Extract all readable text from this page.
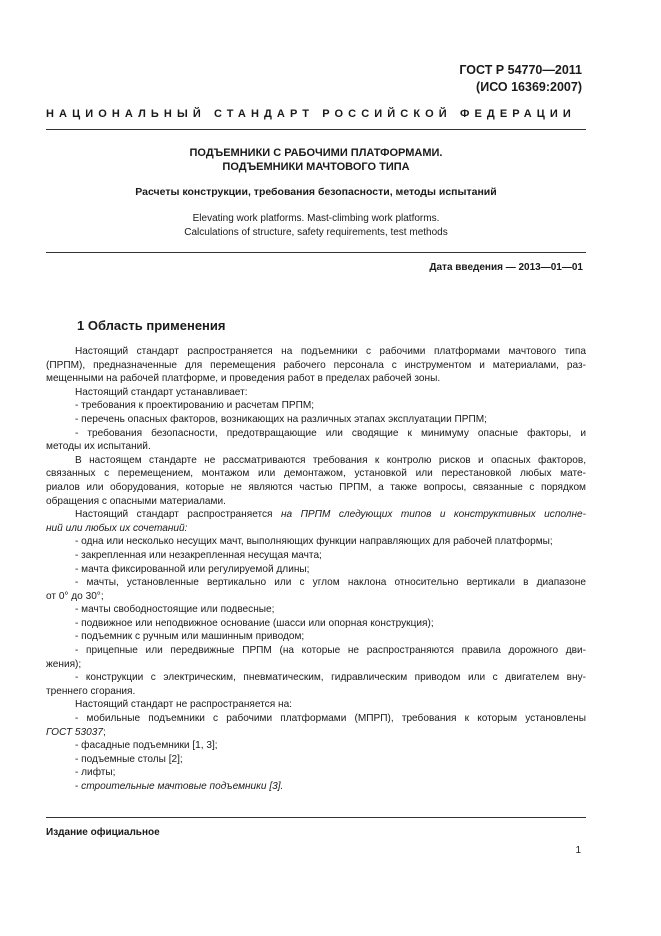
ГОСТ Р 54770—2011
(ИСО 16369:2007)
НАЦИОНАЛЬНЫЙ СТАНДАРТ РОССИЙСКОЙ ФЕДЕРАЦИИ
ПОДЪЕМНИКИ С РАБОЧИМИ ПЛАТФОРМАМИ.
ПОДЪЕМНИКИ МАЧТОВОГО ТИПА
Расчеты конструкции, требования безопасности, методы испытаний
Elevating work platforms. Mast-climbing work platforms.
Calculations of structure, safety requirements, test methods
Дата введения — 2013—01—01
1 Область применения
Настоящий стандарт распространяется на подъемники с рабочими платформами мачтового типа
(ПРПМ), предназначенные для перемещения рабочего персонала с инструментом и материалами, раз-
мещенными на рабочей платформе, и проведения работ в пределах рабочей зоны.
Настоящий стандарт устанавливает:
- требования к проектированию и расчетам ПРПМ;
- перечень опасных факторов, возникающих на различных этапах эксплуатации ПРПМ;
- требования безопасности, предотвращающие или сводящие к минимуму опасные факторы, и
методы их испытаний.
В настоящем стандарте не рассматриваются требования к контролю рисков и опасных факторов,
связанных с перемещением, монтажом или демонтажом, установкой или перестановкой любых мате-
риалов или оборудования, которые не являются частью ПРПМ, а также вопросы, связанные с порядком
обращения с опасными материалами.
Настоящий стандарт распространяется на ПРПМ следующих типов и конструктивных исполне-
ний или любых их сочетаний:
- одна или несколько несущих мачт, выполняющих функции направляющих для рабочей платформы;
- закрепленная или незакрепленная несущая мачта;
- мачта фиксированной или регулируемой длины;
- мачты, установленные вертикально или с углом наклона относительно вертикали в диапазоне
от 0° до 30°;
- мачты свободностоящие или подвесные;
- подвижное или неподвижное основание (шасси или опорная конструкция);
- подъемник с ручным или машинным приводом;
- прицепные или передвижные ПРПМ (на которые не распространяются правила дорожного дви-
жения);
- конструкции с электрическим, пневматическим, гидравлическим приводом или с двигателем вну-
треннего сгорания.
Настоящий стандарт не распространяется на:
- мобильные подъемники с рабочими платформами (МПРП), требования к которым установлены
ГОСТ 53037;
- фасадные подъемники [1, 3];
- подъемные столы [2];
- лифты;
- строительные мачтовые подъемники [3].
Издание официальное
1
